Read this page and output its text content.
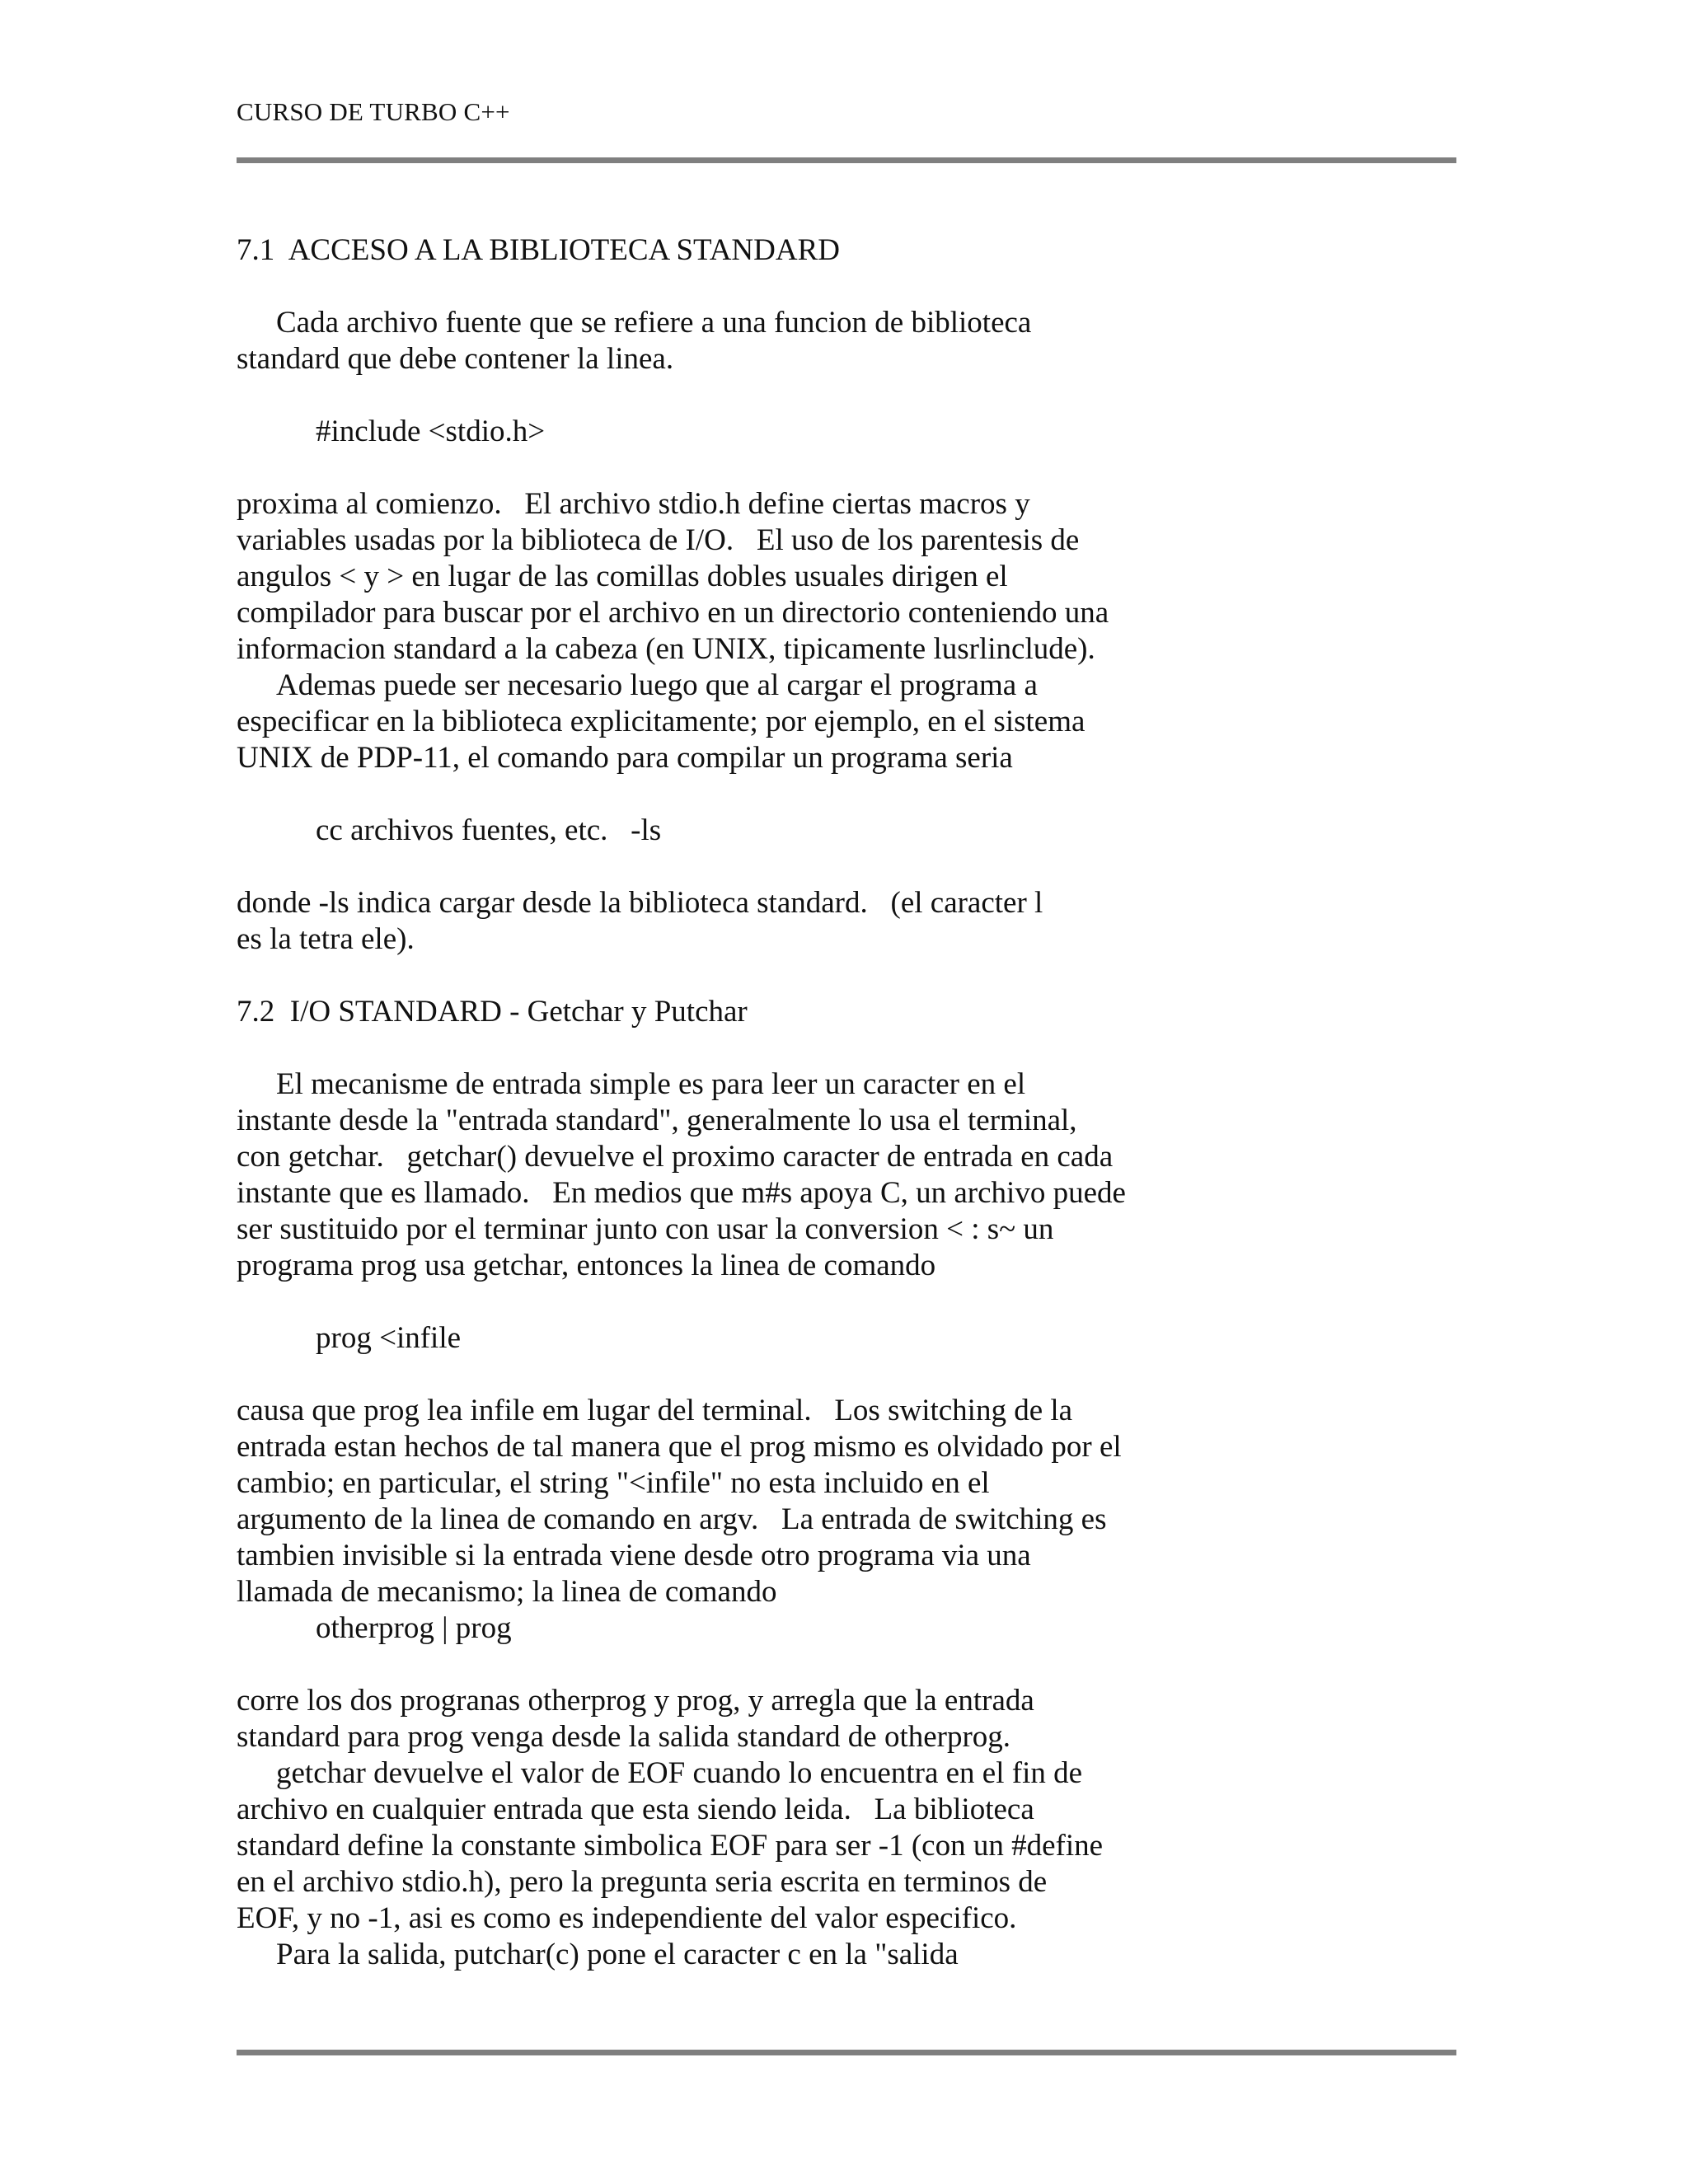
CURSO DE TURBO C++
7.1  ACCESO A LA BIBLIOTECA STANDARD
Cada archivo fuente que se refiere a una funcion de biblioteca
standard que debe contener la linea.
#include <stdio.h>
proxima al comienzo.   El archivo stdio.h define ciertas macros y
variables usadas por la biblioteca de I/O.   El uso de los parentesis de
angulos < y > en lugar de las comillas dobles usuales dirigen el
compilador para buscar por el archivo en un directorio conteniendo una
informacion standard a la cabeza (en UNIX, tipicamente lusrlinclude).
Ademas puede ser necesario luego que al cargar el programa a
especificar en la biblioteca explicitamente; por ejemplo, en el sistema
UNIX de PDP-11, el comando para compilar un programa seria
cc archivos fuentes, etc.   -ls
donde -ls indica cargar desde la biblioteca standard.   (el caracter l
es la tetra ele).
7.2  I/O STANDARD - Getchar y Putchar
El mecanisme de entrada simple es para leer un caracter en el
instante desde la "entrada standard", generalmente lo usa el terminal,
con getchar.   getchar() devuelve el proximo caracter de entrada en cada
instante que es llamado.   En medios que m#s apoya C, un archivo puede
ser sustituido por el terminar junto con usar la conversion < : s~ un
programa prog usa getchar, entonces la linea de comando
prog <infile
causa que prog lea infile em lugar del terminal.   Los switching de la
entrada estan hechos de tal manera que el prog mismo es olvidado por el
cambio; en particular, el string "<infile" no esta incluido en el
argumento de la linea de comando en argv.   La entrada de switching es
tambien invisible si la entrada viene desde otro programa via una
llamada de mecanismo; la linea de comando
otherprog | prog
corre los dos progranas otherprog y prog, y arregla que la entrada
standard para prog venga desde la salida standard de otherprog.
getchar devuelve el valor de EOF cuando lo encuentra en el fin de
archivo en cualquier entrada que esta siendo leida.   La biblioteca
standard define la constante simbolica EOF para ser -1 (con un #define
en el archivo stdio.h), pero la pregunta seria escrita en terminos de
EOF, y no -1, asi es como es independiente del valor especifico.
Para la salida, putchar(c) pone el caracter c en la "salida
